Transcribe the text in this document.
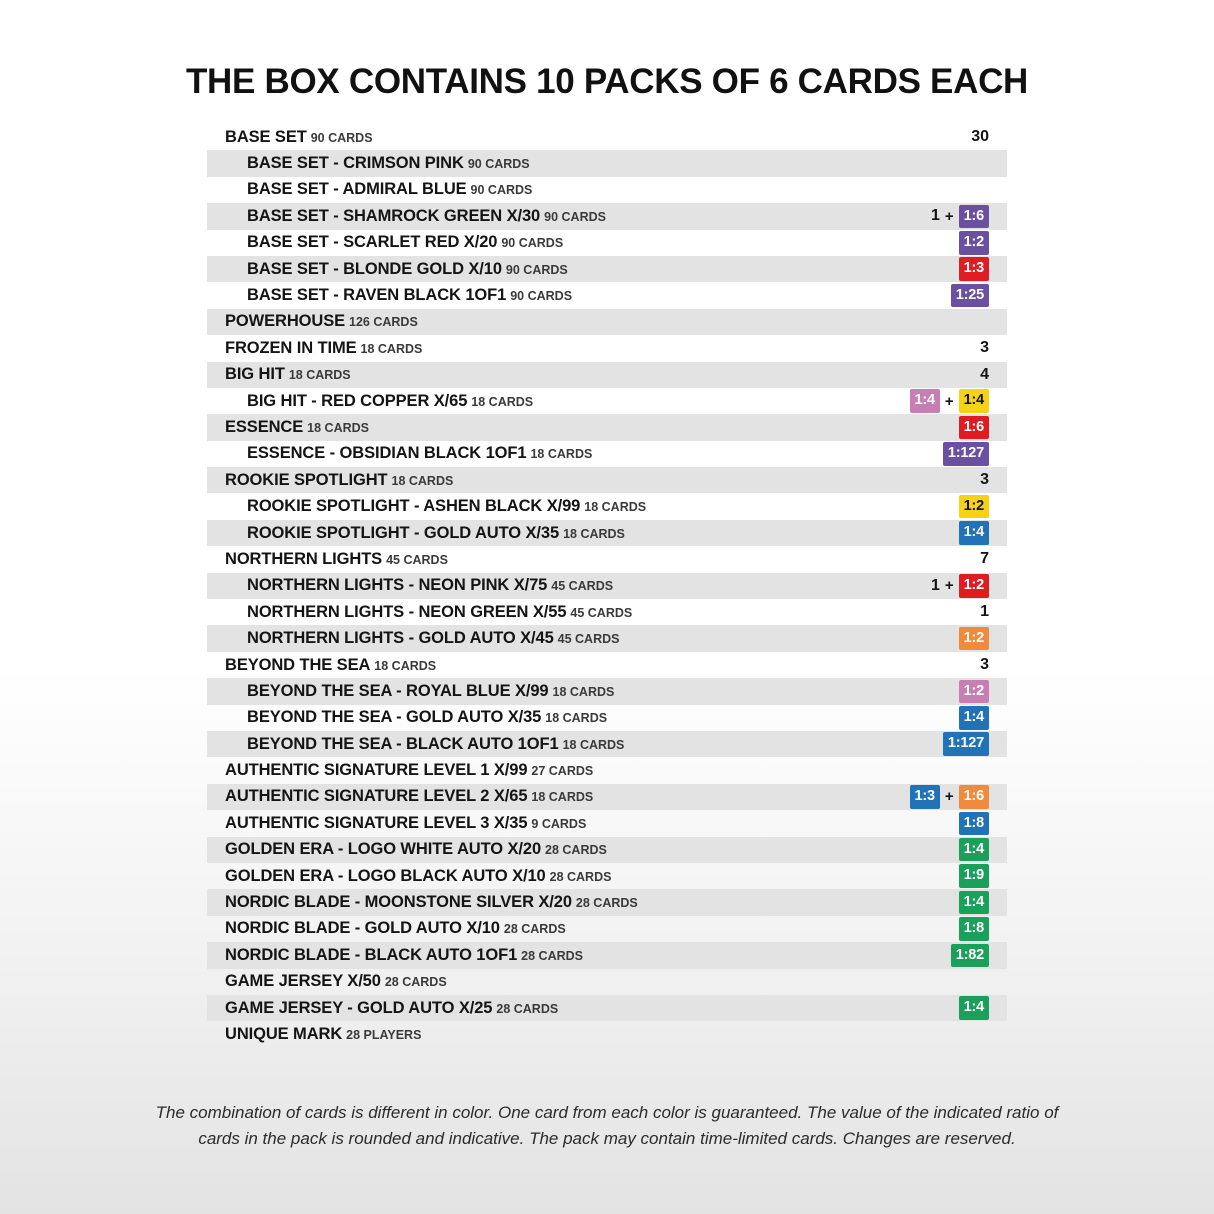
THE BOX CONTAINS 10 PACKS OF 6 CARDS EACH
BASE SET 90 CARDS	30
BASE SET - CRIMSON PINK 90 CARDS
BASE SET - ADMIRAL BLUE 90 CARDS
BASE SET - SHAMROCK GREEN X/30 90 CARDS	1 + 1:6
BASE SET - SCARLET RED X/20 90 CARDS	1:2
BASE SET - BLONDE GOLD X/10 90 CARDS	1:3
BASE SET - RAVEN BLACK 1OF1 90 CARDS	1:25
POWERHOUSE 126 CARDS
FROZEN IN TIME 18 CARDS	3
BIG HIT 18 CARDS	4
BIG HIT - RED COPPER X/65 18 CARDS	1:4 + 1:4
ESSENCE 18 CARDS	1:6
ESSENCE - OBSIDIAN BLACK 1OF1 18 CARDS	1:127
ROOKIE SPOTLIGHT 18 CARDS	3
ROOKIE SPOTLIGHT - ASHEN BLACK X/99 18 CARDS	1:2
ROOKIE SPOTLIGHT - GOLD AUTO X/35 18 CARDS	1:4
NORTHERN LIGHTS 45 CARDS	7
NORTHERN LIGHTS - NEON PINK X/75 45 CARDS	1 + 1:2
NORTHERN LIGHTS - NEON GREEN X/55 45 CARDS	1
NORTHERN LIGHTS - GOLD AUTO X/45 45 CARDS	1:2
BEYOND THE SEA 18 CARDS	3
BEYOND THE SEA - ROYAL BLUE X/99 18 CARDS	1:2
BEYOND THE SEA - GOLD AUTO X/35 18 CARDS	1:4
BEYOND THE SEA - BLACK AUTO 1OF1 18 CARDS	1:127
AUTHENTIC SIGNATURE LEVEL 1 X/99 27 CARDS
AUTHENTIC SIGNATURE LEVEL 2 X/65 18 CARDS	1:3 + 1:6
AUTHENTIC SIGNATURE LEVEL 3 X/35 9 CARDS	1:8
GOLDEN ERA - LOGO WHITE AUTO X/20 28 CARDS	1:4
GOLDEN ERA - LOGO BLACK AUTO X/10 28 CARDS	1:9
NORDIC BLADE - MOONSTONE SILVER X/20 28 CARDS	1:4
NORDIC BLADE - GOLD AUTO X/10 28 CARDS	1:8
NORDIC BLADE - BLACK AUTO 1OF1 28 CARDS	1:82
GAME JERSEY X/50 28 CARDS
GAME JERSEY - GOLD AUTO X/25 28 CARDS	1:4
UNIQUE MARK 28 PLAYERS
The combination of cards is different in color. One card from each color is guaranteed. The value of the indicated ratio of cards in the pack is rounded and indicative. The pack may contain time-limited cards. Changes are reserved.
